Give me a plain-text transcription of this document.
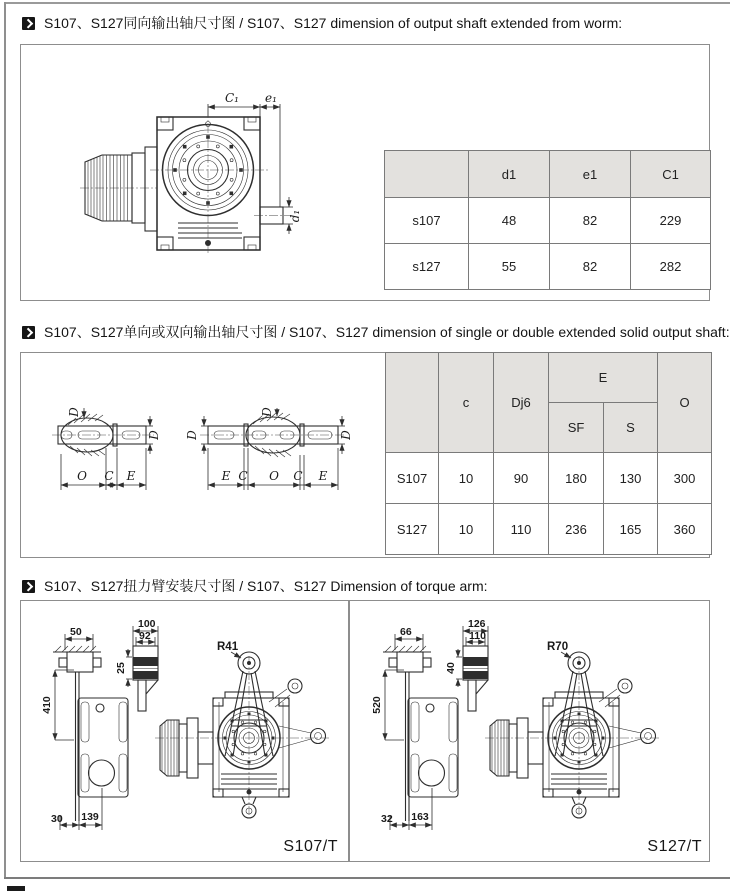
S107、S127同向输出轴尺寸图 / S107、S127 dimension of output shaft extended from worm:
C₁ e₁
d₁
	d1	e1	C1
s107	48	82	229
s127	55	82	282
S107、S127单向或双向输出轴尺寸图 / S107、S127 dimension of single or double extended solid output shaft:
D
D
O C E
D
D
D
E C O C E
	c	Dj6	E		O
			SF	S	
S107	10	90	180	130	300
S127	10	110	236	165	360
S107、S127扭力臂安装尺寸图 / S107、S127 Dimension of torque arm:
50
410
30 139
100
92
25
R41
S107/T
66
520
32 163
126
110
40
R70
S127/T
